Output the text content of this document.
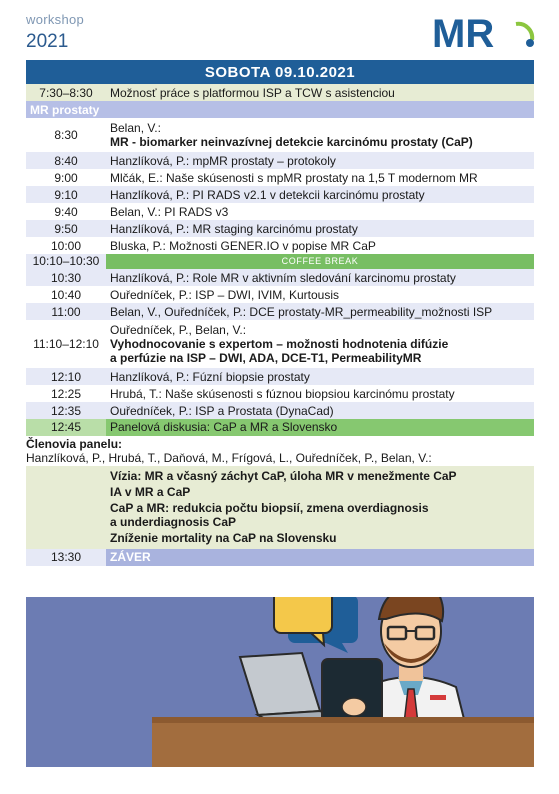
workshop
2021	MR
SOBOTA 09.10.2021
7:30–8:30	Možnosť práce s platformou ISP a TCW s asistenciou
MR prostaty
8:30	Belan, V.:
MR - biomarker neinvazívnej detekcie karcinómu prostaty (CaP)
8:40	Hanzlíková, P.: mpMR prostaty – protokoly
9:00	Mlčák, E.: Naše skúsenosti s mpMR prostaty na 1,5 T modernom MR
9:10	Hanzlíková, P.: PI RADS v2.1 v detekcii karcinómu prostaty
9:40	Belan, V.: PI RADS v3
9:50	Hanzlíková, P.: MR staging karcinómu prostaty
10:00	Bluska, P.: Možnosti GENER.IO v popise MR CaP
10:10–10:30	COFFEE BREAK
10:30	Hanzlíková, P.: Role MR v aktivním sledování karcinomu prostaty
10:40	Ouředníček, P.: ISP – DWI, IVIM, Kurtousis
11:00	Belan, V., Ouředníček, P.: DCE prostaty-MR_permeability_možnosti ISP
11:10–12:10
Ouředníček, P., Belan, V.:
Vyhodnocovanie s expertom – možnosti hodnotenia difúzie
a perfúzie na ISP – DWI, ADA, DCE-T1, PermeabilityMR
12:10	Hanzlíková, P.: Fúzní biopsie prostaty
12:25	Hrubá, T.: Naše skúsenosti s fúznou biopsiou karcinómu prostaty
12:35	Ouředníček, P.: ISP a Prostata (DynaCad)
12:45	Panelová diskusia: CaP a MR a Slovensko
Členovia panelu:
Hanzlíková, P., Hrubá, T., Daňová, M., Frígová, L., Ouředníček, P., Belan, V.:
Vízia: MR a včasný záchyt CaP, úloha MR v menežmente CaP
IA v MR a CaP
CaP a MR: redukcia počtu biopsií, zmena overdiagnosis
a underdiagnosis CaP
Zníženie mortality na CaP na Slovensku
13:30	ZÁVER
